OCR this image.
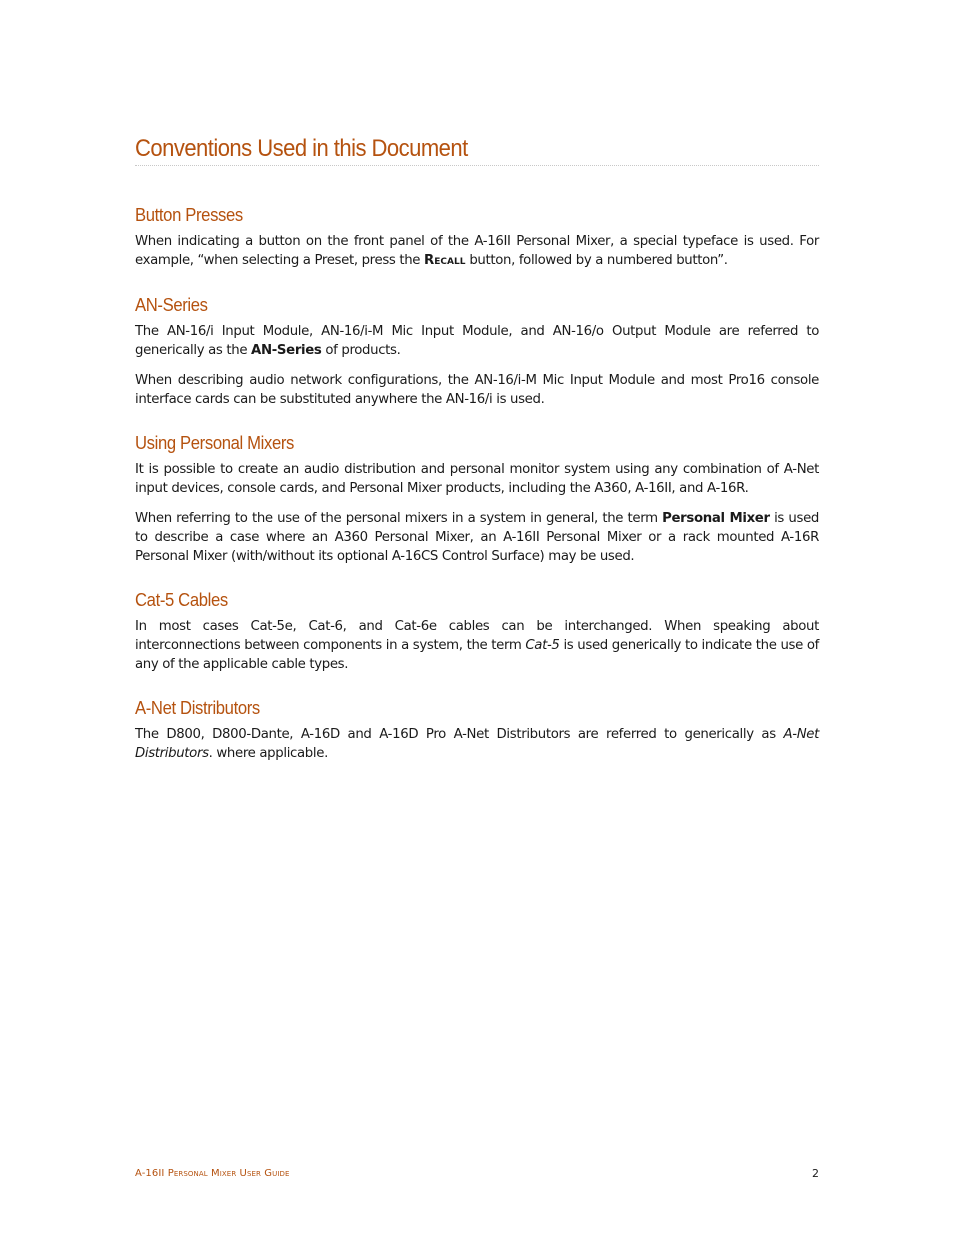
Conventions Used in this Document
Button Presses

When indicating a button on the front panel of the A-16II Personal Mixer, a special typeface is used. For example, “when selecting a Preset, press the Recall button, followed by a numbered button”.

AN-Series

The AN-16/i Input Module, AN-16/i-M Mic Input Module, and AN-16/o Output Module are referred to generically as the AN-Series of products.

When describing audio network configurations, the AN-16/i-M Mic Input Module and most Pro16 console interface cards can be substituted anywhere the AN-16/i is used.

Using Personal Mixers

It is possible to create an audio distribution and personal monitor system using any combination of A-Net input devices, console cards, and Personal Mixer products, including the A360, A-16II, and A-16R.

When referring to the use of the personal mixers in a system in general, the term Personal Mixer is used to describe a case where an A360 Personal Mixer, an A-16II Personal Mixer or a rack mounted A-16R Personal Mixer (with/without its optional A-16CS Control Surface) may be used.

Cat-5 Cables

In most cases Cat-5e, Cat-6, and Cat-6e cables can be interchanged. When speaking about interconnections between components in a system, the term Cat-5 is used generically to indicate the use of any of the applicable cable types.

A-Net Distributors

The D800, D800-Dante, A-16D and A-16D Pro A-Net Distributors are referred to generically as A-Net Distributors. where applicable.

A-16II Personal Mixer User Guide	2
